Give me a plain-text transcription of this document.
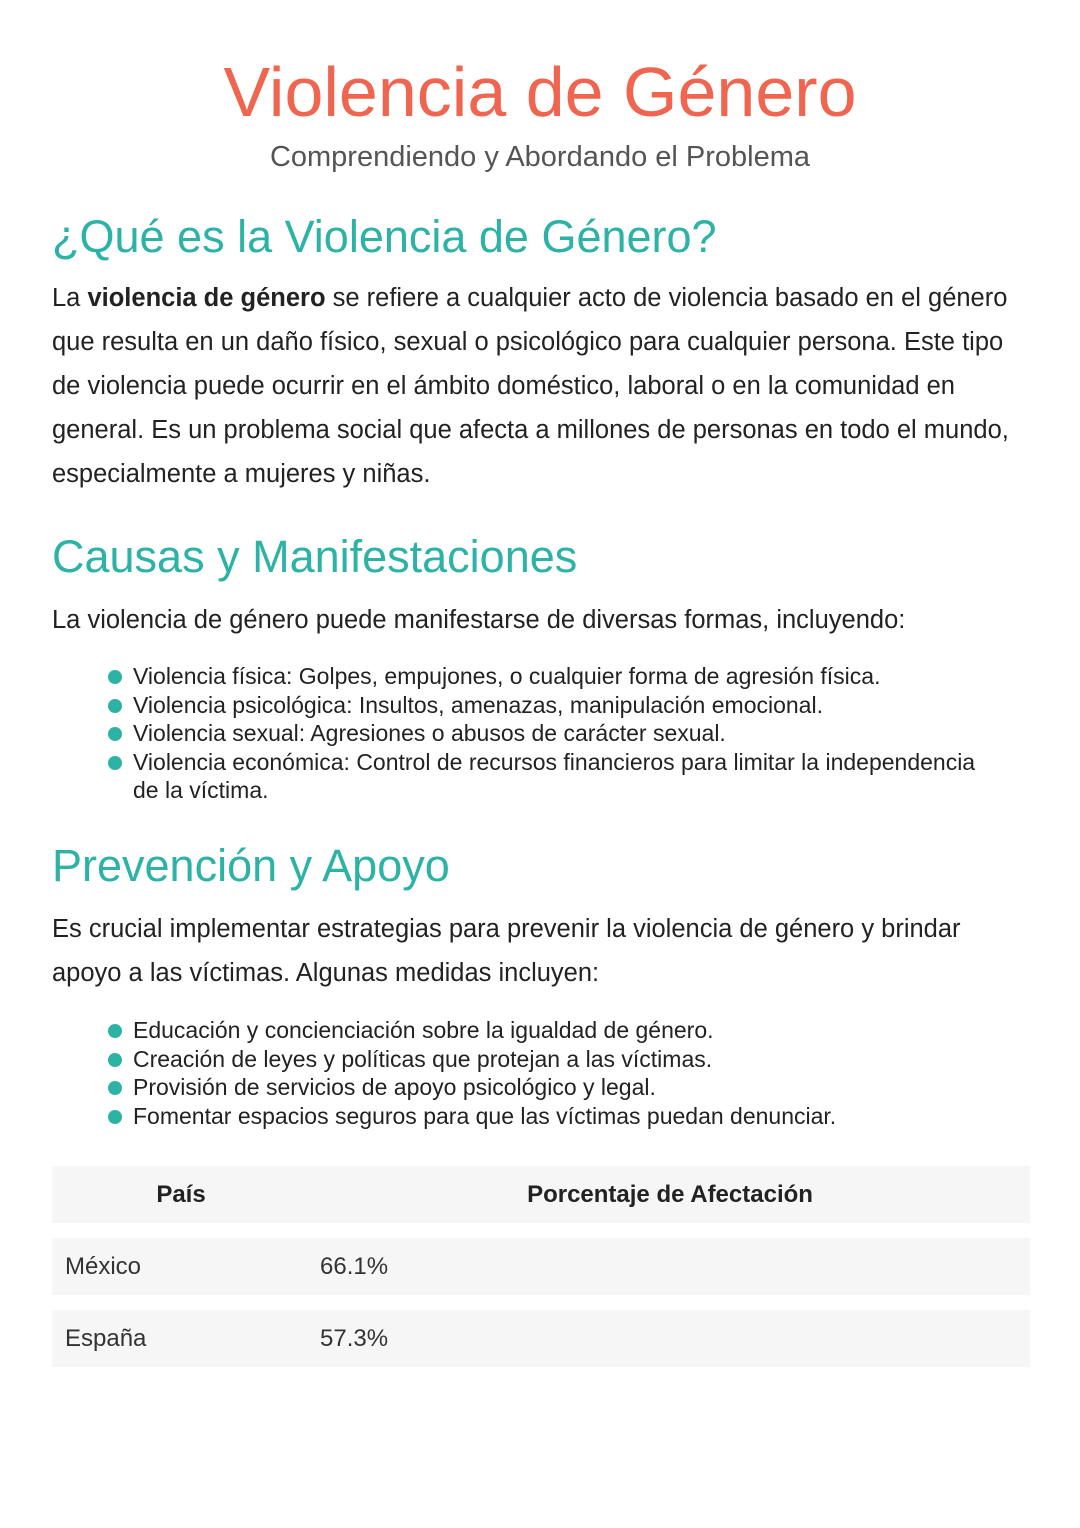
Violencia de Género
Comprendiendo y Abordando el Problema
¿Qué es la Violencia de Género?

La violencia de género se refiere a cualquier acto de violencia basado en el género que resulta en un daño físico, sexual o psicológico para cualquier persona. Este tipo de violencia puede ocurrir en el ámbito doméstico, laboral o en la comunidad en general. Es un problema social que afecta a millones de personas en todo el mundo, especialmente a mujeres y niñas.

Causas y Manifestaciones

La violencia de género puede manifestarse de diversas formas, incluyendo:

Violencia física: Golpes, empujones, o cualquier forma de agresión física.
Violencia psicológica: Insultos, amenazas, manipulación emocional.
Violencia sexual: Agresiones o abusos de carácter sexual.
Violencia económica: Control de recursos financieros para limitar la independencia de la víctima.
Prevención y Apoyo

Es crucial implementar estrategias para prevenir la violencia de género y brindar apoyo a las víctimas. Algunas medidas incluyen:

Educación y concienciación sobre la igualdad de género.
Creación de leyes y políticas que protejan a las víctimas.
Provisión de servicios de apoyo psicológico y legal.
Fomentar espacios seguros para que las víctimas puedan denunciar.
País	Porcentaje de Afectación
México	66.1%
España	57.3%
